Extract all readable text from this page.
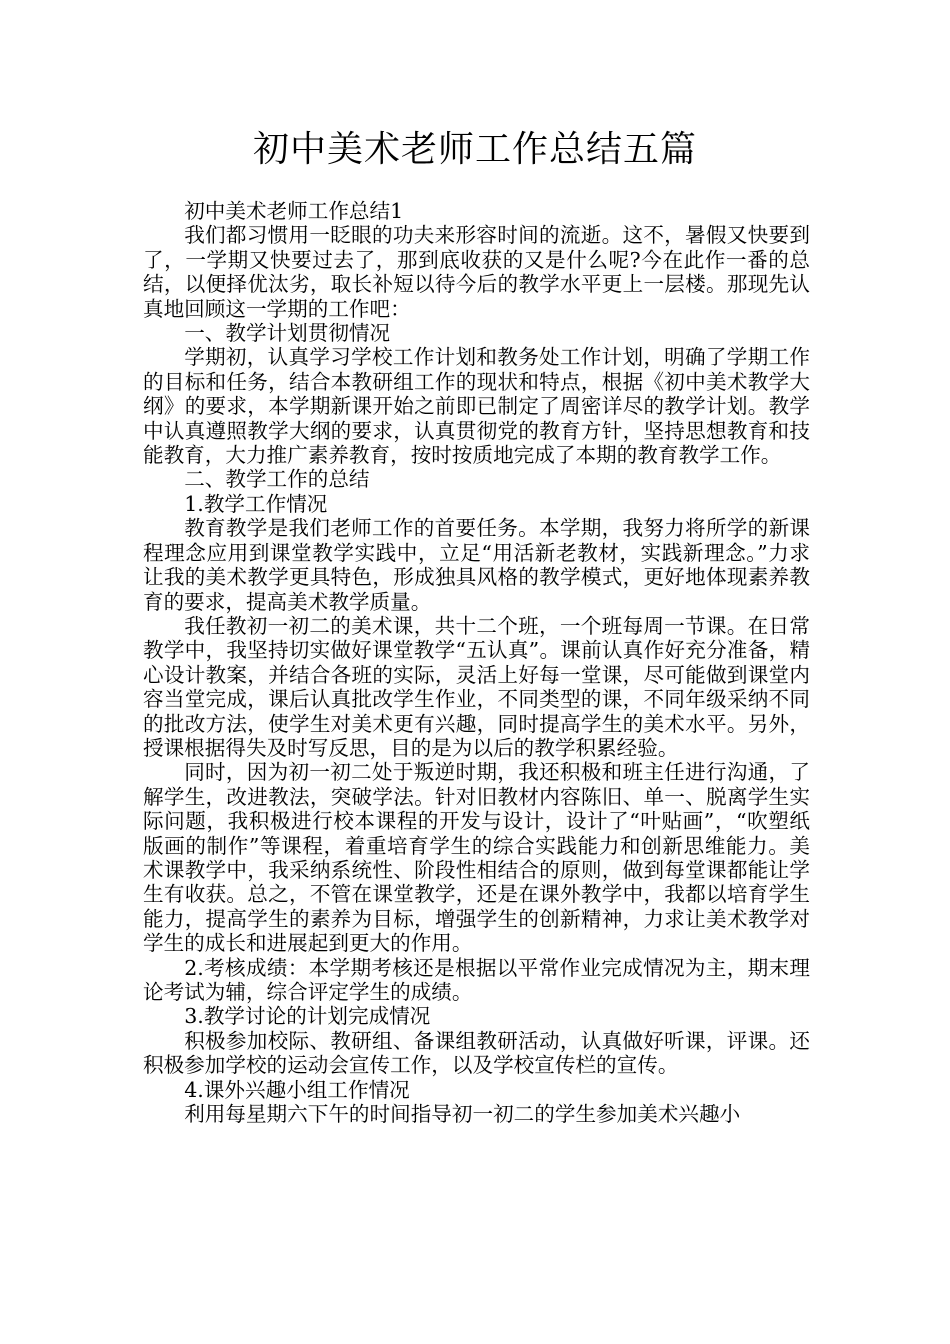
初中美术老师工作总结五篇

初中美术老师工作总结1

我们都习惯用一眨眼的功夫来形容时间的流逝。这不，暑假又快要到了，一学期又快要过去了，那到底收获的又是什么呢?今在此作一番的总结，以便择优汰劣，取长补短以待今后的教学水平更上一层楼。那现先认真地回顾这一学期的工作吧：

一、教学计划贯彻情况

学期初，认真学习学校工作计划和教务处工作计划，明确了学期工作的目标和任务，结合本教研组工作的现状和特点，根据《初中美术教学大纲》的要求，本学期新课开始之前即已制定了周密详尽的教学计划。教学中认真遵照教学大纲的要求，认真贯彻党的教育方针，坚持思想教育和技能教育，大力推广素养教育，按时按质地完成了本期的教育教学工作。

二、教学工作的总结

1.教学工作情况

教育教学是我们老师工作的首要任务。本学期，我努力将所学的新课程理念应用到课堂教学实践中，立足“用活新老教材，实践新理念。”力求让我的美术教学更具特色，形成独具风格的教学模式，更好地体现素养教育的要求，提高美术教学质量。

我任教初一初二的美术课，共十二个班，一个班每周一节课。在日常教学中，我坚持切实做好课堂教学“五认真”。课前认真作好充分准备，精心设计教案，并结合各班的实际，灵活上好每一堂课，尽可能做到课堂内容当堂完成，课后认真批改学生作业，不同类型的课，不同年级采纳不同的批改方法，使学生对美术更有兴趣，同时提高学生的美术水平。另外，授课根据得失及时写反思，目的是为以后的教学积累经验。

同时，因为初一初二处于叛逆时期，我还积极和班主任进行沟通，了解学生，改进教法，突破学法。针对旧教材内容陈旧、单一、脱离学生实际问题，我积极进行校本课程的开发与设计，设计了“叶贴画”，“吹塑纸版画的制作”等课程，着重培育学生的综合实践能力和创新思维能力。美术课教学中，我采纳系统性、阶段性相结合的原则，做到每堂课都能让学生有收获。总之，不管在课堂教学，还是在课外教学中，我都以培育学生能力，提高学生的素养为目标，增强学生的创新精神，力求让美术教学对学生的成长和进展起到更大的作用。

2.考核成绩：本学期考核还是根据以平常作业完成情况为主，期末理论考试为辅，综合评定学生的成绩。

3.教学讨论的计划完成情况

积极参加校际、教研组、备课组教研活动，认真做好听课，评课。还积极参加学校的运动会宣传工作，以及学校宣传栏的宣传。

4.课外兴趣小组工作情况

利用每星期六下午的时间指导初一初二的学生参加美术兴趣小
